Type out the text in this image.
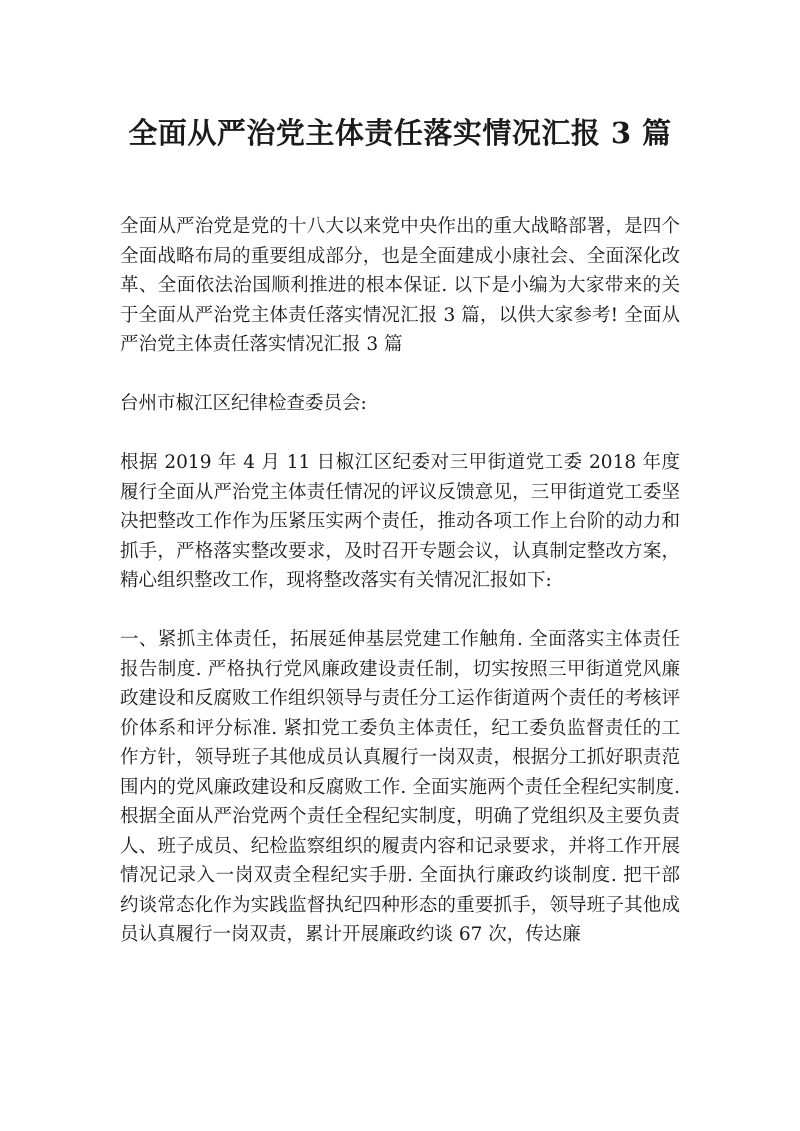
全面从严治党主体责任落实情况汇报 3 篇

全面从严治党是党的十八大以来党中央作出的重大战略部署，是四个全面战略布局的重要组成部分，也是全面建成小康社会、全面深化改革、全面依法治国顺利推进的根本保证. 以下是小编为大家带来的关于全面从严治党主体责任落实情况汇报 3 篇，以供大家参考! 全面从严治党主体责任落实情况汇报 3 篇

台州市椒江区纪律检查委员会:

根据 2019 年 4 月 11 日椒江区纪委对三甲街道党工委 2018 年度履行全面从严治党主体责任情况的评议反馈意见，三甲街道党工委坚决把整改工作作为压紧压实两个责任，推动各项工作上台阶的动力和抓手，严格落实整改要求，及时召开专题会议，认真制定整改方案，精心组织整改工作，现将整改落实有关情况汇报如下:

一、紧抓主体责任，拓展延伸基层党建工作触角. 全面落实主体责任报告制度. 严格执行党风廉政建设责任制，切实按照三甲街道党风廉政建设和反腐败工作组织领导与责任分工运作街道两个责任的考核评价体系和评分标准. 紧扣党工委负主体责任，纪工委负监督责任的工作方针，领导班子其他成员认真履行一岗双责，根据分工抓好职责范围内的党风廉政建设和反腐败工作. 全面实施两个责任全程纪实制度. 根据全面从严治党两个责任全程纪实制度，明确了党组织及主要负责人、班子成员、纪检监察组织的履责内容和记录要求，并将工作开展情况记录入一岗双责全程纪实手册. 全面执行廉政约谈制度. 把干部约谈常态化作为实践监督执纪四种形态的重要抓手，领导班子其他成员认真履行一岗双责，累计开展廉政约谈 67 次，传达廉
